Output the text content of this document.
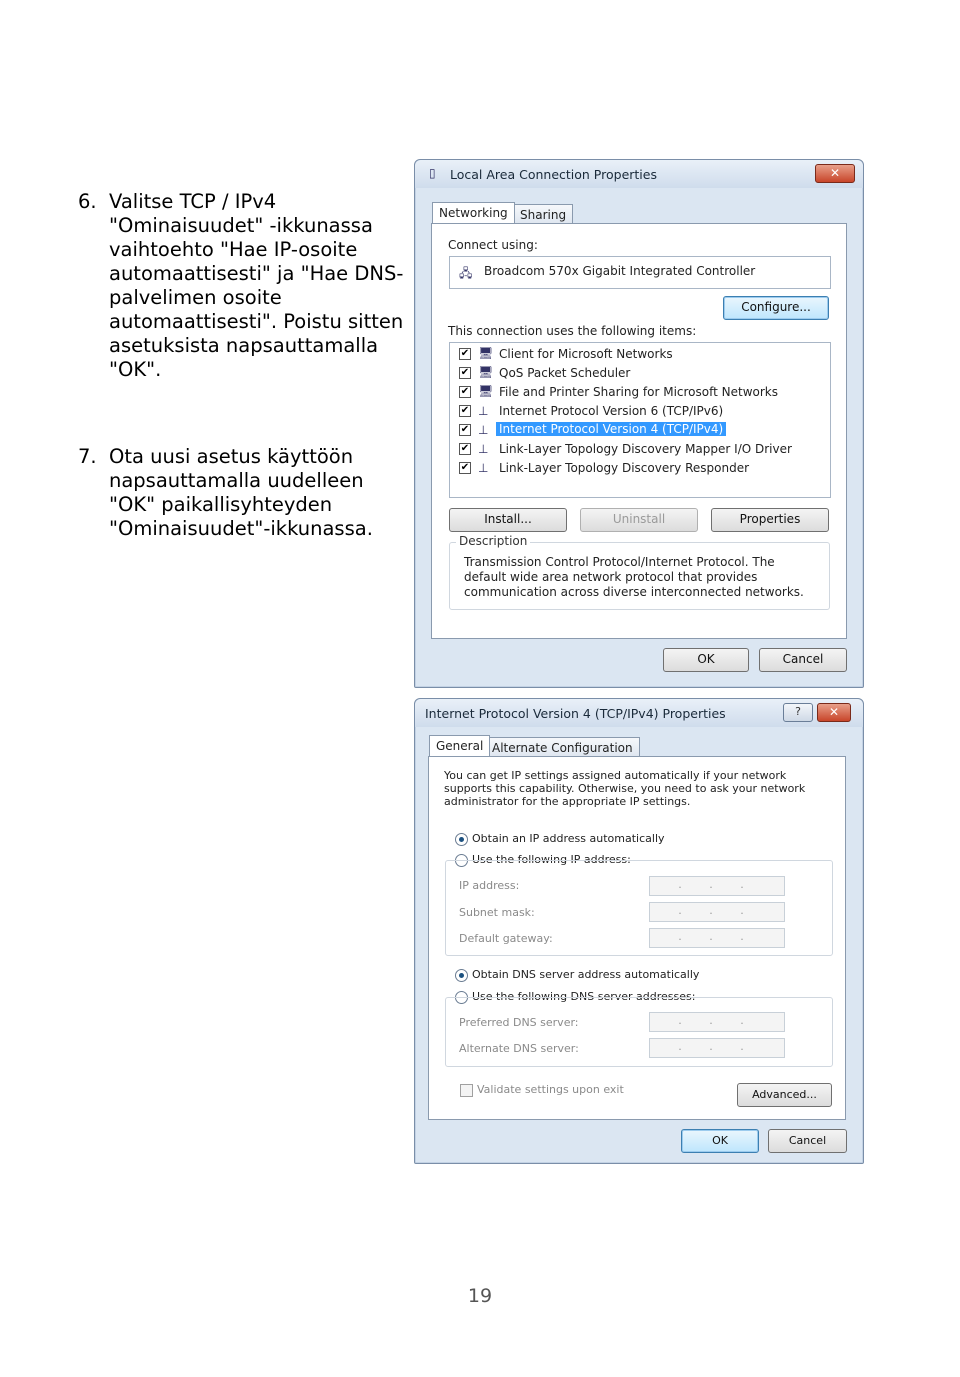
6. Valitse TCP / IPv4 "Ominaisuudet" -ikkunassa vaihtoehto "Hae IP-osoite automaattisesti" ja "Hae DNS-palvelimen osoite automaattisesti". Poistu sitten asetuksista napsauttamalla "OK".
7. Ota uusi asetus käyttöön napsauttamalla uudelleen "OK" paikallisyhteyden "Ominaisuudet"-ikkunassa.
▯ Local Area Connection Properties	✕
Networking	Sharing
Connect using:
🖧 Broadcom 570x Gigabit Integrated Controller
Configure...
This connection uses the following items:
✔ 🖥 Client for Microsoft Networks
✔ 🖥 QoS Packet Scheduler
✔ 🖥 File and Printer Sharing for Microsoft Networks
✔ ⊥ Internet Protocol Version 6 (TCP/IPv6)
✔ ⊥ Internet Protocol Version 4 (TCP/IPv4)
✔ ⊥ Link-Layer Topology Discovery Mapper I/O Driver
✔ ⊥ Link-Layer Topology Discovery Responder
Install...	Uninstall	Properties
Description
Transmission Control Protocol/Internet Protocol. The default wide area network protocol that provides communication across diverse interconnected networks.
OK	Cancel
Internet Protocol Version 4 (TCP/IPv4) Properties	?	✕
General Alternate Configuration
You can get IP settings assigned automatically if your network supports this capability. Otherwise, you need to ask your network administrator for the appropriate IP settings.
Obtain an IP address automatically
Use the following IP address:
IP address:	. . .
Subnet mask:	. . .
Default gateway:	. . .
Obtain DNS server address automatically
Use the following DNS server addresses:
Preferred DNS server:	. . .
Alternate DNS server:	. . .
Validate settings upon exit	Advanced...
OK	Cancel
19
